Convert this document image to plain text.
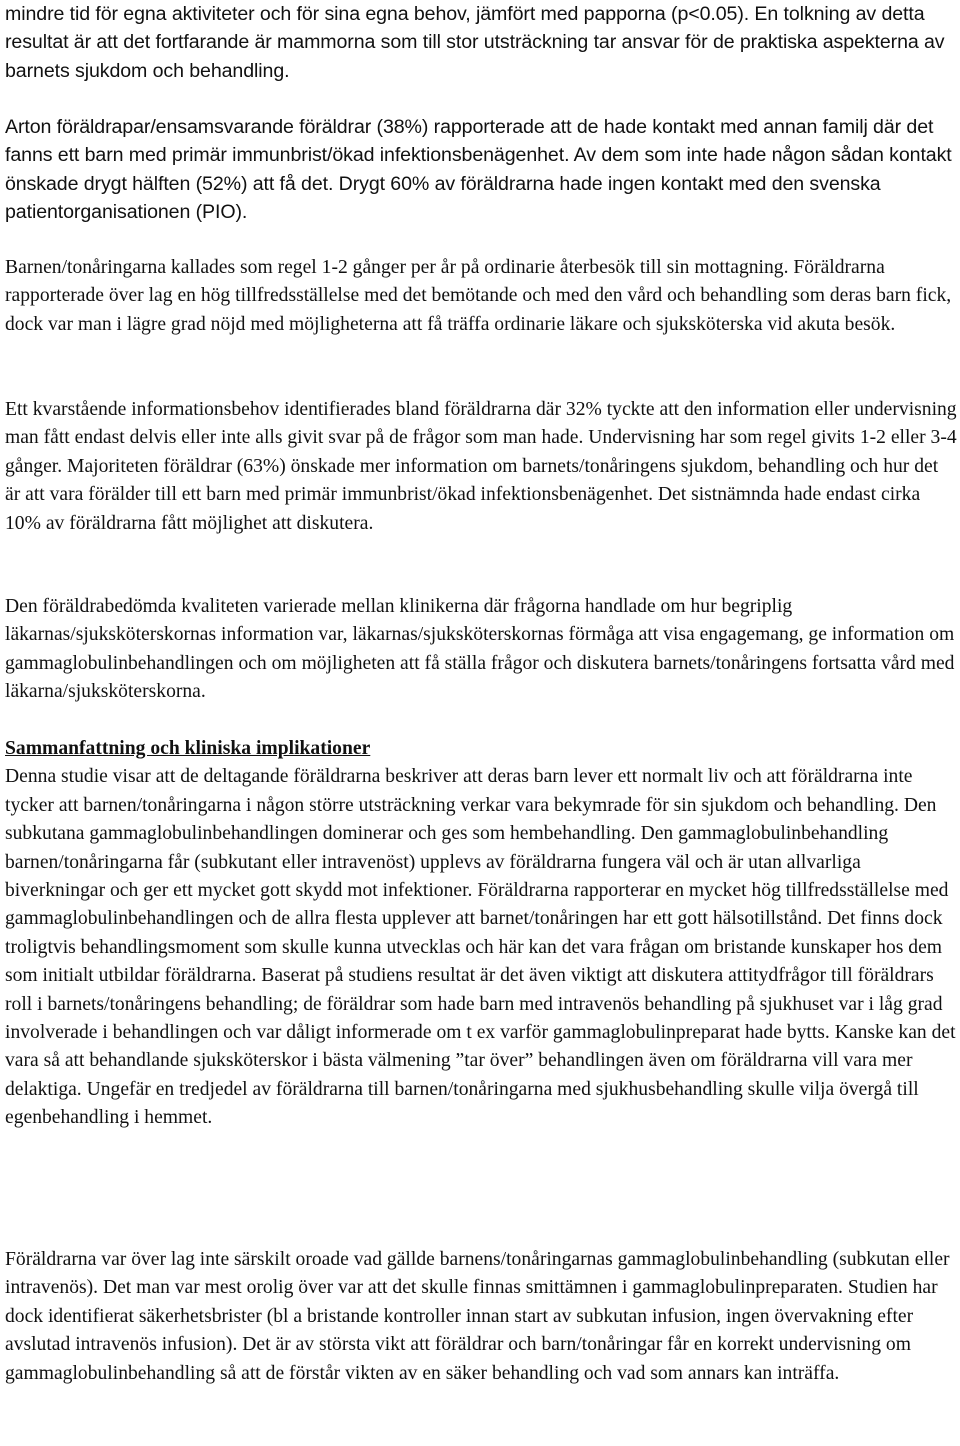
mindre tid för egna aktiviteter och för sina egna behov, jämfört med papporna (p<0.05). En tolkning av detta resultat är att det fortfarande är mammorna som till stor utsträckning tar ansvar för de praktiska aspekterna av barnets sjukdom och behandling.

Arton föräldrapar/ensamsvarande föräldrar (38%) rapporterade att de hade kontakt med annan familj där det fanns ett barn med primär immunbrist/ökad infektionsbenägenhet. Av dem som inte hade någon sådan kontakt önskade drygt hälften (52%) att få det. Drygt 60% av föräldrarna hade ingen kontakt med den svenska patientorganisationen (PIO).

Barnen/tonåringarna kallades som regel 1-2 gånger per år på ordinarie återbesök till sin mottagning. Föräldrarna rapporterade över lag en hög tillfredsställelse med det bemötande och med den vård och behandling som deras barn fick, dock var man i lägre grad nöjd med möjligheterna att få träffa ordinarie läkare och sjuksköterska vid akuta besök.

Ett kvarstående informationsbehov identifierades bland föräldrarna där 32% tyckte att den information eller undervisning man fått endast delvis eller inte alls givit svar på de frågor som man hade. Undervisning har som regel givits 1-2 eller 3-4 gånger. Majoriteten föräldrar (63%) önskade mer information om barnets/tonåringens sjukdom, behandling och hur det är att vara förälder till ett barn med primär immunbrist/ökad infektionsbenägenhet. Det sistnämnda hade endast cirka 10% av föräldrarna fått möjlighet att diskutera.

Den föräldrabedömda kvaliteten varierade mellan klinikerna där frågorna handlade om hur begriplig läkarnas/sjuksköterskornas information var, läkarnas/sjuksköterskornas förmåga att visa engagemang, ge information om gammaglobulinbehandlingen och om möjligheten att få ställa frågor och diskutera barnets/tonåringens fortsatta vård med läkarna/sjuksköterskorna.

Sammanfattning och kliniska implikationer

Denna studie visar att de deltagande föräldrarna beskriver att deras barn lever ett normalt liv och att föräldrarna inte tycker att barnen/tonåringarna i någon större utsträckning verkar vara bekymrade för sin sjukdom och behandling. Den subkutana gammaglobulinbehandlingen dominerar och ges som hembehandling. Den gammaglobulinbehandling barnen/tonåringarna får (subkutant eller intravenöst) upplevs av föräldrarna fungera väl och är utan allvarliga biverkningar och ger ett mycket gott skydd mot infektioner. Föräldrarna rapporterar en mycket hög tillfredsställelse med gammaglobulinbehandlingen och de allra flesta upplever att barnet/tonåringen har ett gott hälsotillstånd. Det finns dock troligtvis behandlingsmoment som skulle kunna utvecklas och här kan det vara frågan om bristande kunskaper hos dem som initialt utbildar föräldrarna. Baserat på studiens resultat är det även viktigt att diskutera attitydfrågor till föräldrars roll i barnets/tonåringens behandling; de föräldrar som hade barn med intravenös behandling på sjukhuset var i låg grad involverade i behandlingen och var dåligt informerade om t ex varför gammaglobulinpreparat hade bytts. Kanske kan det vara så att behandlande sjuksköterskor i bästa välmening ”tar över” behandlingen även om föräldrarna vill vara mer delaktiga. Ungefär en tredjedel av föräldrarna till barnen/tonåringarna med sjukhusbehandling skulle vilja övergå till egenbehandling i hemmet.

Föräldrarna var över lag inte särskilt oroade vad gällde barnens/tonåringarnas gammaglobulinbehandling (subkutan eller intravenös). Det man var mest orolig över var att det skulle finnas smittämnen i gammaglobulinpreparaten. Studien har dock identifierat säkerhetsbrister (bl a bristande kontroller innan start av subkutan infusion, ingen övervakning efter avslutad intravenös infusion). Det är av största vikt att föräldrar och barn/tonåringar får en korrekt undervisning om gammaglobulinbehandling så att de förstår vikten av en säker behandling och vad som annars kan inträffa.
